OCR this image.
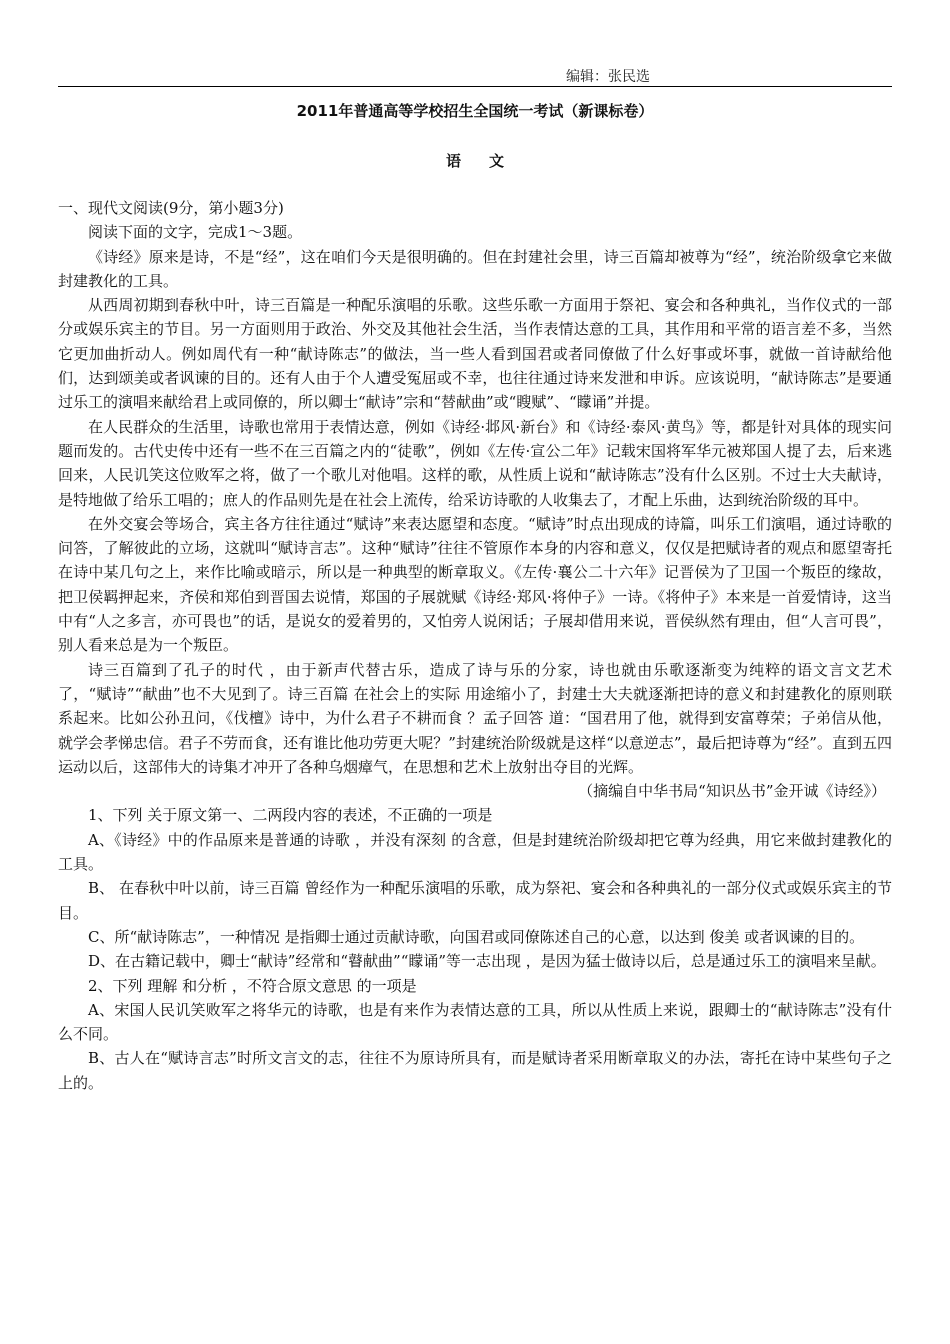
编辑：张民选
2011年普通高等学校招生全国统一考试（新课标卷）
语文

一、现代文阅读(9分，第小题3分)

阅读下面的文字，完成1～3题。

《诗经》原来是诗，不是“经”，这在咱们今天是很明确的。但在封建社会里，诗三百篇却被尊为“经”，统治阶级拿它来做封建教化的工具。

从西周初期到春秋中叶，诗三百篇是一种配乐演唱的乐歌。这些乐歌一方面用于祭祀、宴会和各种典礼，当作仪式的一部分或娱乐宾主的节目。另一方面则用于政治、外交及其他社会生活，当作表情达意的工具，其作用和平常的语言差不多，当然它更加曲折动人。例如周代有一种“献诗陈志”的做法，当一些人看到国君或者同僚做了什么好事或坏事，就做一首诗献给他们，达到颂美或者讽谏的目的。还有人由于个人遭受冤屈或不幸，也往往通过诗来发泄和申诉。应该说明，“献诗陈志”是要通过乐工的演唱来献给君上或同僚的，所以卿士“献诗”宗和“替献曲”或“瞍赋”、“矇诵”并提。

在人民群众的生活里，诗歌也常用于表情达意，例如《诗经·邶风·新台》和《诗经·泰风·黄鸟》等，都是针对具体的现实问题而发的。古代史传中还有一些不在三百篇之内的“徒歌”，例如《左传·宣公二年》记载宋国将军华元被郑国人提了去，后来逃回来，人民讥笑这位败军之将，做了一个歌儿对他唱。这样的歌，从性质上说和“献诗陈志”没有什么区别。不过士大夫献诗，是特地做了给乐工唱的；庶人的作品则先是在社会上流传，给采访诗歌的人收集去了，才配上乐曲，达到统治阶级的耳中。

在外交宴会等场合，宾主各方往往通过“赋诗”来表达愿望和态度。“赋诗”时点出现成的诗篇，叫乐工们演唱，通过诗歌的问答，了解彼此的立场，这就叫“赋诗言志”。这种“赋诗”往往不管原作本身的内容和意义，仅仅是把赋诗者的观点和愿望寄托在诗中某几句之上，来作比喻或暗示，所以是一种典型的断章取义。《左传·襄公二十六年》记晋侯为了卫国一个叛臣的缘故，把卫侯羁押起来，齐侯和郑伯到晋国去说情，郑国的子展就赋《诗经·郑风·将仲子》一诗。《将仲子》本来是一首爱情诗，这当中有“人之多言，亦可畏也”的话，是说女的爱着男的，又怕旁人说闲话；子展却借用来说，晋侯纵然有理由，但“人言可畏”，别人看来总是为一个叛臣。

诗三百篇到了孔子的时代 ，由于新声代替古乐，造成了诗与乐的分家，诗也就由乐歌逐渐变为纯粹的语文言文艺术 了，“赋诗”“献曲”也不大见到了。诗三百篇 在社会上的实际 用途缩小了，封建士大夫就逐渐把诗的意义和封建教化的原则联系起来。比如公孙丑问，《伐檀》诗中，为什么君子不耕而食 ？孟子回答 道：“国君用了他，就得到安富尊荣；子弟信从他，就学会孝悌忠信。君子不劳而食，还有谁比他功劳更大呢？”封建统治阶级就是这样“以意逆志”，最后把诗尊为“经”。直到五四运动以后，这部伟大的诗集才冲开了各种乌烟瘴气，在思想和艺术上放射出夺目的光辉。

（摘编自中华书局“知识丛书”金开诚《诗经》）

1、下列 关于原文第一、二两段内容的表述，不正确的一项是

A、《诗经》中的作品原来是普通的诗歌 ，并没有深刻 的含意，但是封建统治阶级却把它尊为经典，用它来做封建教化的工具。

B、 在春秋中叶以前，诗三百篇 曾经作为一种配乐演唱的乐歌，成为祭祀、宴会和各种典礼的一部分仪式或娱乐宾主的节目。

C、所“献诗陈志”，一种情况 是指卿士通过贡献诗歌，向国君或同僚陈述自己的心意，以达到 俊美 或者讽谏的目的。

D、在古籍记载中，卿士“献诗”经常和“瞽献曲”“矇诵”等一志出现 ，是因为猛士做诗以后，总是通过乐工的演唱来呈献。

2、下列 理解 和分析 ，不符合原文意思 的一项是

A、宋国人民讥笑败军之将华元的诗歌，也是有来作为表情达意的工具，所以从性质上来说，跟卿士的“献诗陈志”没有什么不同。

B、古人在“赋诗言志”时所文言文的志，往往不为原诗所具有，而是赋诗者采用断章取义的办法，寄托在诗中某些句子之上的。
